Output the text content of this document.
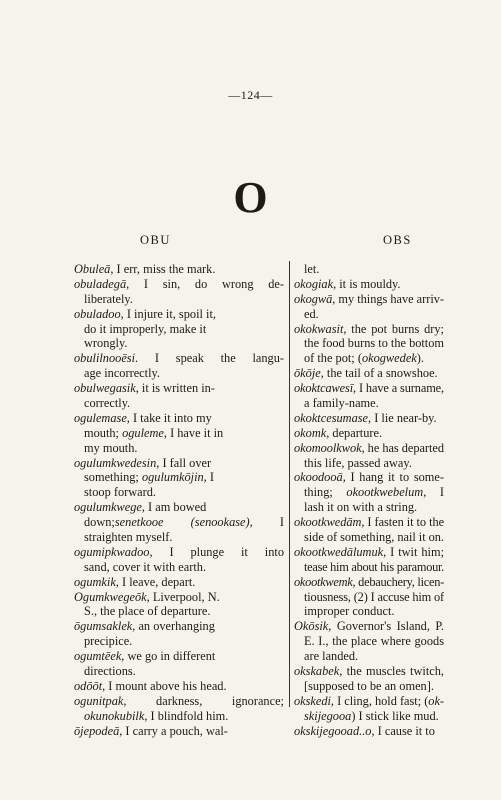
—124—
O
OBU	OBS
Obuleā, I err, miss the mark.
obuladegā, I sin, do wrong de-
liberately.
obuladoo, I injure it, spoil it,
do it improperly, make it
wrongly.
obulilnooēsi. I speak the langu-
age incorrectly.
obulwegasik, it is written in-
correctly.
ogulemase, I take it into my
mouth; oguleme, I have it in
my mouth.
ogulumkwedesin, I fall over
something; ogulumkōjin, I
stoop forward.
ogulumkwege, I am bowed
down;senetkooe (senookase), I
straighten myself.
ogumipkwadoo, I plunge it into
sand, cover it with earth.
ogumkik, I leave, depart.
Ogumkwegeōk, Liverpool, N.
S., the place of departure.
ōgumsaklek, an overhanging
precipice.
ogumtēek, we go in different
directions.
odōōt, I mount above his head.
ogunitpak, darkness, ignorance;
okunokubilk, I blindfold him.
ōjepodeā, I carry a pouch, wal-
let.
okogiak, it is mouldy.
okogwā, my things have arriv-
ed.
okokwasit, the pot burns dry;
the food burns to the bottom
of the pot; (okogwedek).
ōkōje, the tail of a snowshoe.
okoktcawesī, I have a surname,
a family-name.
okoktcesumase, I lie near-by.
okomk, departure.
okomoolkwok, he has departed
this life, passed away.
okoodooā, I hang it to some-
thing; okootkwebelum, I
lash it on with a string.
okootkwedām, I fasten it to the
side of something, nail it on.
okootkwedālumuk, I twit him;
tease him about his paramour.
okootkwemk, debauchery, licen-
tiousness, (2) I accuse him of
improper conduct.
Okōsik, Governor's Island, P.
E. I., the place where goods
are landed.
okskabek, the muscles twitch,
[supposed to be an omen].
okskedi, I cling, hold fast; (ok-
skijegooa) I stick like mud.
okskijegooad..o, I cause it to
